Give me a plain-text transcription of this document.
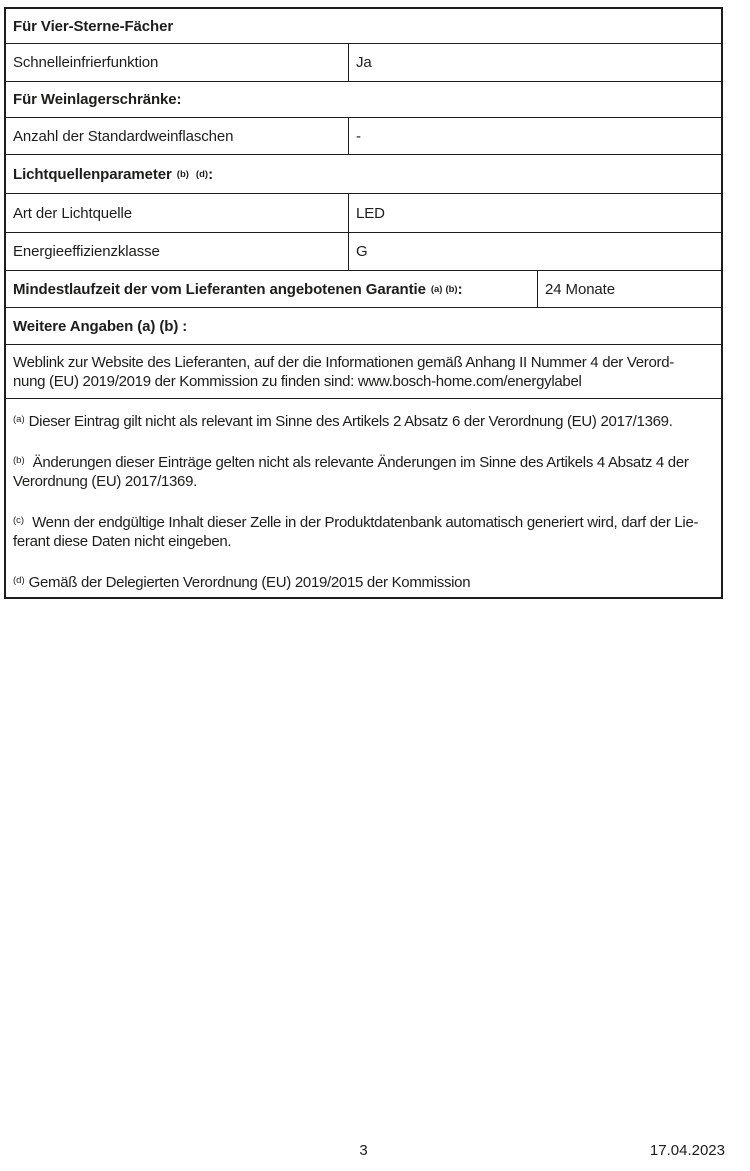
Für Vier-Sterne-Fächer
Schnelleinfrierfunktion	Ja
Für Weinlagerschränke:
Anzahl der Standardweinflaschen	-
Lichtquellenparameter (b) (d) :
Art der Lichtquelle	LED
Energieeffizienzklasse	G
Mindestlaufzeit der vom Lieferanten angebotenen Garantie (a) (b) :	24 Monate
Weitere Angaben (a) (b) :
Weblink zur Website des Lieferanten, auf der die Informationen gemäß Anhang II Nummer 4 der Verord-
nung (EU) 2019/2019 der Kommission zu finden sind: www.bosch-home.com/energylabel

$^{(a)}$ Dieser Eintrag gilt nicht als relevant im Sinne des Artikels 2 Absatz 6 der Verordnung (EU) 2017/1369.

$^{(b)}$ Änderungen dieser Einträge gelten nicht als relevante Änderungen im Sinne des Artikels 4 Absatz 4 der
Verordnung (EU) 2017/1369.

$^{(c)}$ Wenn der endgültige Inhalt dieser Zelle in der Produktdatenbank automatisch generiert wird, darf der Lie-
ferant diese Daten nicht eingeben.

$^{(d)}$ Gemäß der Delegierten Verordnung (EU) 2019/2015 der Kommission

3	17.04.2023
